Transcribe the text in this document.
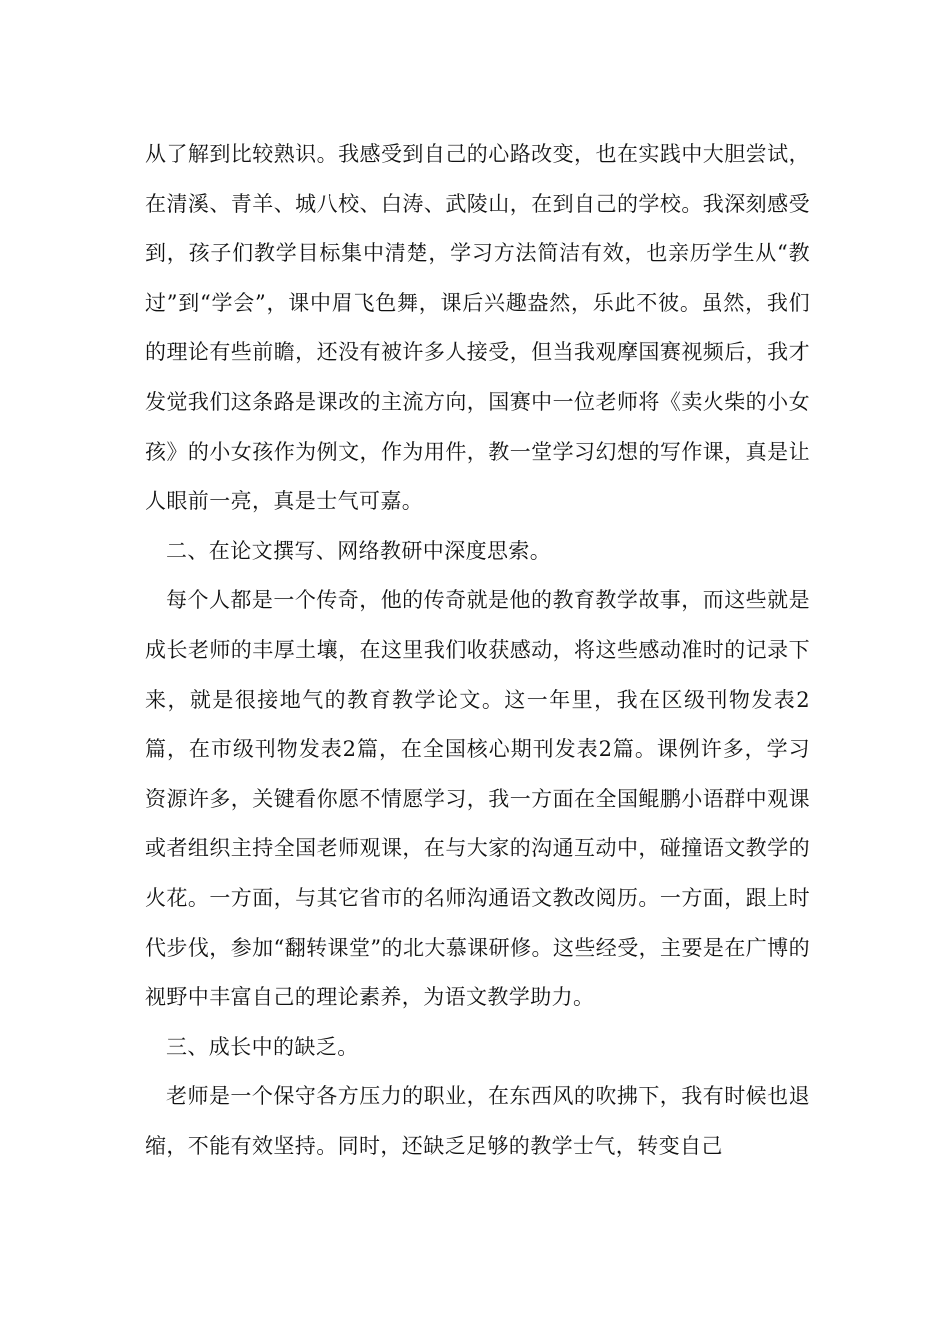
从了解到比较熟识。我感受到自己的心路改变，也在实践中大胆尝试，在清溪、青羊、城八校、白涛、武陵山，在到自己的学校。我深刻感受到，孩子们教学目标集中清楚，学习方法简洁有效，也亲历学生从“教过”到“学会”，课中眉飞色舞，课后兴趣盎然，乐此不彼。虽然，我们的理论有些前瞻，还没有被许多人接受，但当我观摩国赛视频后，我才发觉我们这条路是课改的主流方向，国赛中一位老师将《卖火柴的小女孩》的小女孩作为例文，作为用件，教一堂学习幻想的写作课，真是让人眼前一亮，真是士气可嘉。

二、在论文撰写、网络教研中深度思索。

每个人都是一个传奇，他的传奇就是他的教育教学故事，而这些就是成长老师的丰厚土壤，在这里我们收获感动，将这些感动准时的记录下来，就是很接地气的教育教学论文。这一年里，我在区级刊物发表2篇，在市级刊物发表2篇，在全国核心期刊发表2篇。课例许多，学习资源许多，关键看你愿不情愿学习，我一方面在全国鲲鹏小语群中观课或者组织主持全国老师观课，在与大家的沟通互动中，碰撞语文教学的火花。一方面，与其它省市的名师沟通语文教改阅历。一方面，跟上时代步伐，参加“翻转课堂”的北大慕课研修。这些经受，主要是在广博的视野中丰富自己的理论素养，为语文教学助力。

三、成长中的缺乏。

老师是一个保守各方压力的职业，在东西风的吹拂下，我有时候也退缩，不能有效坚持。同时，还缺乏足够的教学士气，转变自己
